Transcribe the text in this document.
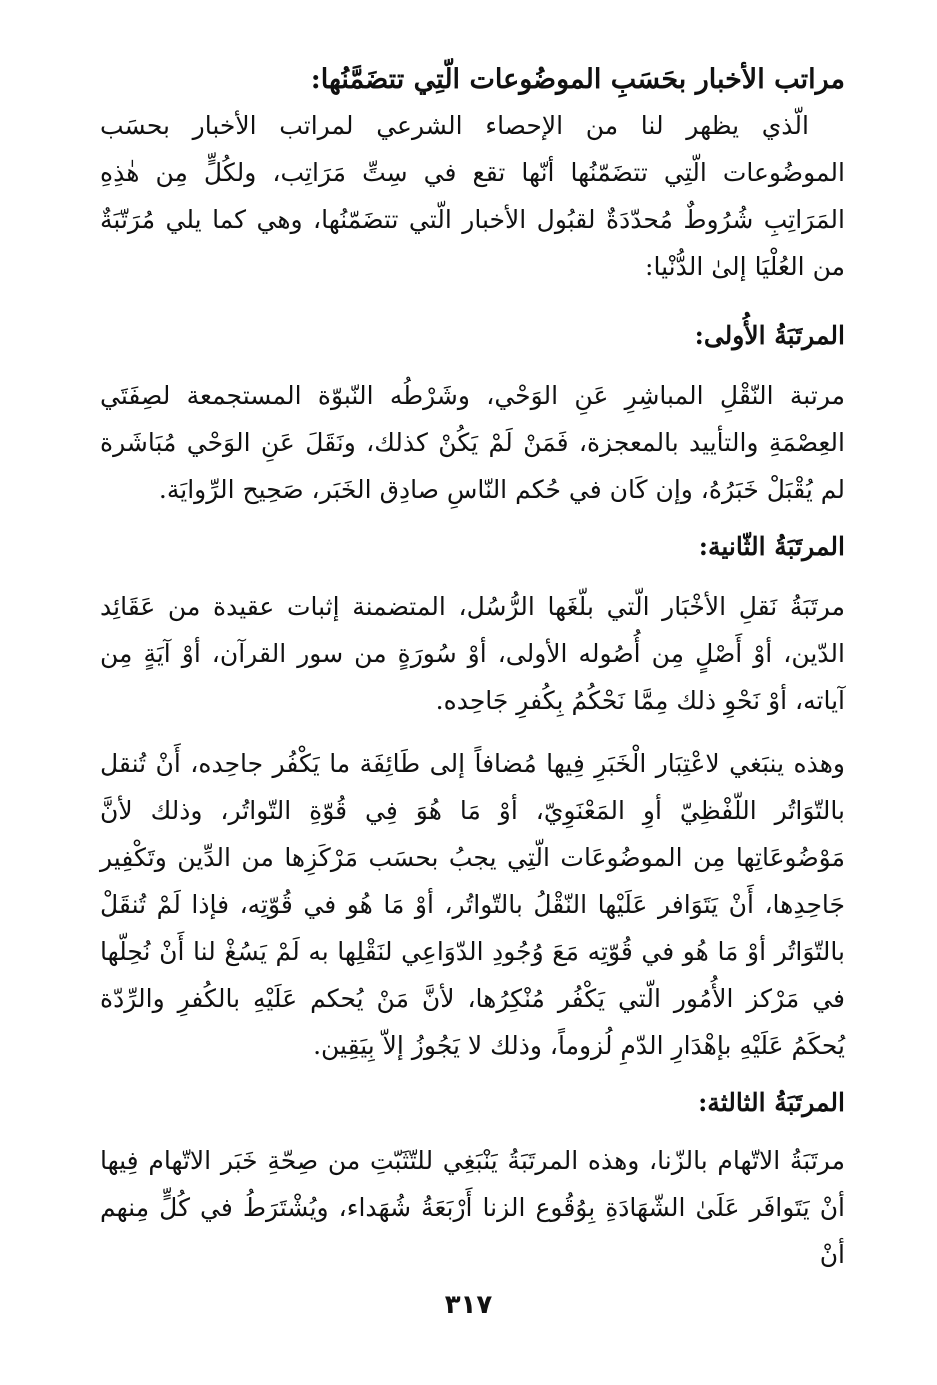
مراتب الأخبار بحَسَبِ الموضُوعات الّتِي تتضَمَّنُها:

الّذي يظهر لنا من الإحصاء الشرعي لمراتب الأخبار بحسَب الموضُوعات الّتِي تتضَمّنُها أنّها تقع في سِتِّ مَرَاتِب، ولكُلٍّ مِن هٰذِهِ المَرَاتِبِ شُرُوطٌ مُحدّدَةٌ لقبُول الأخبار الّتي تتضَمّنُها، وهي كما يلي مُرَتّبَةٌ من العُلْيَا إلىٰ الدُّنْيا:

المرتَبَةُ الأُولى:

مرتبة النّقْلِ المباشِرِ عَنِ الوَحْي، وشَرْطُه النّبوّة المستجمعة لصِفَتَي العِصْمَةِ والتأييد بالمعجزة، فَمَنْ لَمْ يَكُنْ كذلك، ونَقَلَ عَنِ الوَحْي مُبَاشَرة لم يُقْبَلْ خَبَرُهُ، وإن كَان في حُكم النّاسِ صادِق الخَبَر، صَحِيح الرِّوايَة.

المرتَبَةُ الثّانية:

مرتَبَةُ نَقلِ الأخْبَار الّتي بلّغَها الرُّسُل، المتضمنة إثبات عقيدة من عَقَائِد الدّين، أوْ أَصْلٍ مِن أُصُوله الأولى، أوْ سُورَةٍ من سور القرآن، أوْ آيَةٍ مِن آياته، أوْ نَحْوِ ذلك مِمَّا نَحْكُمُ بِكُفرِ جَاحِده.

وهذه ينبَغي لاعْتِبَار الْخَبَرِ فِيها مُضافاً إلى طَائِفَة ما يَكْفُر جاحِده، أَنْ تُنقل بالتّوَاتُر اللّفْظِيّ أوِ المَعْنَوِيّ، أوْ مَا هُوَ فِي قُوّةِ التّواتُر، وذلك لأنَّ مَوْضُوعَاتِها مِن الموضُوعَات الّتِي يجبُ بحسَب مَرْكَزِها من الدِّين وتَكْفِير جَاحِدِها، أَنْ يَتَوَافر عَلَيْها النّقْلُ بالتّواتُر، أوْ مَا هُو في قُوّتِه، فإذا لَمْ تُنقَلْ بالتّوَاتُر أوْ مَا هُو في قُوّتِه مَعَ وُجُودِ الدّوَاعِي لنَقْلِها به لَمْ يَسُغْ لنا أَنْ نُحِلّها في مَرْكز الأُمُور الّتي يَكْفُر مُنْكِرُها، لأنَّ مَنْ يُحكم عَلَيْهِ بالكُفرِ والرِّدّة يُحكَمُ عَلَيْهِ بإهْدَارِ الدّمِ لُزوماً، وذلك لا يَجُوزُ إلاّ بِيَقِين.

المرتَبَةُ الثالثة:

مرتَبَةُ الاتّهام بالزّنا، وهذه المرتَبَةُ يَنْبَغِي للتّثَبّتِ من صِحّةِ خَبَر الاتّهام فِيها أنْ يَتَوافَر عَلَىٰ الشّهَادَةِ بِوُقُوع الزنا أَرْبَعَةُ شُهَداء، ويُشْتَرَطُ في كُلٍّ مِنهم أنْ

٣١٧
